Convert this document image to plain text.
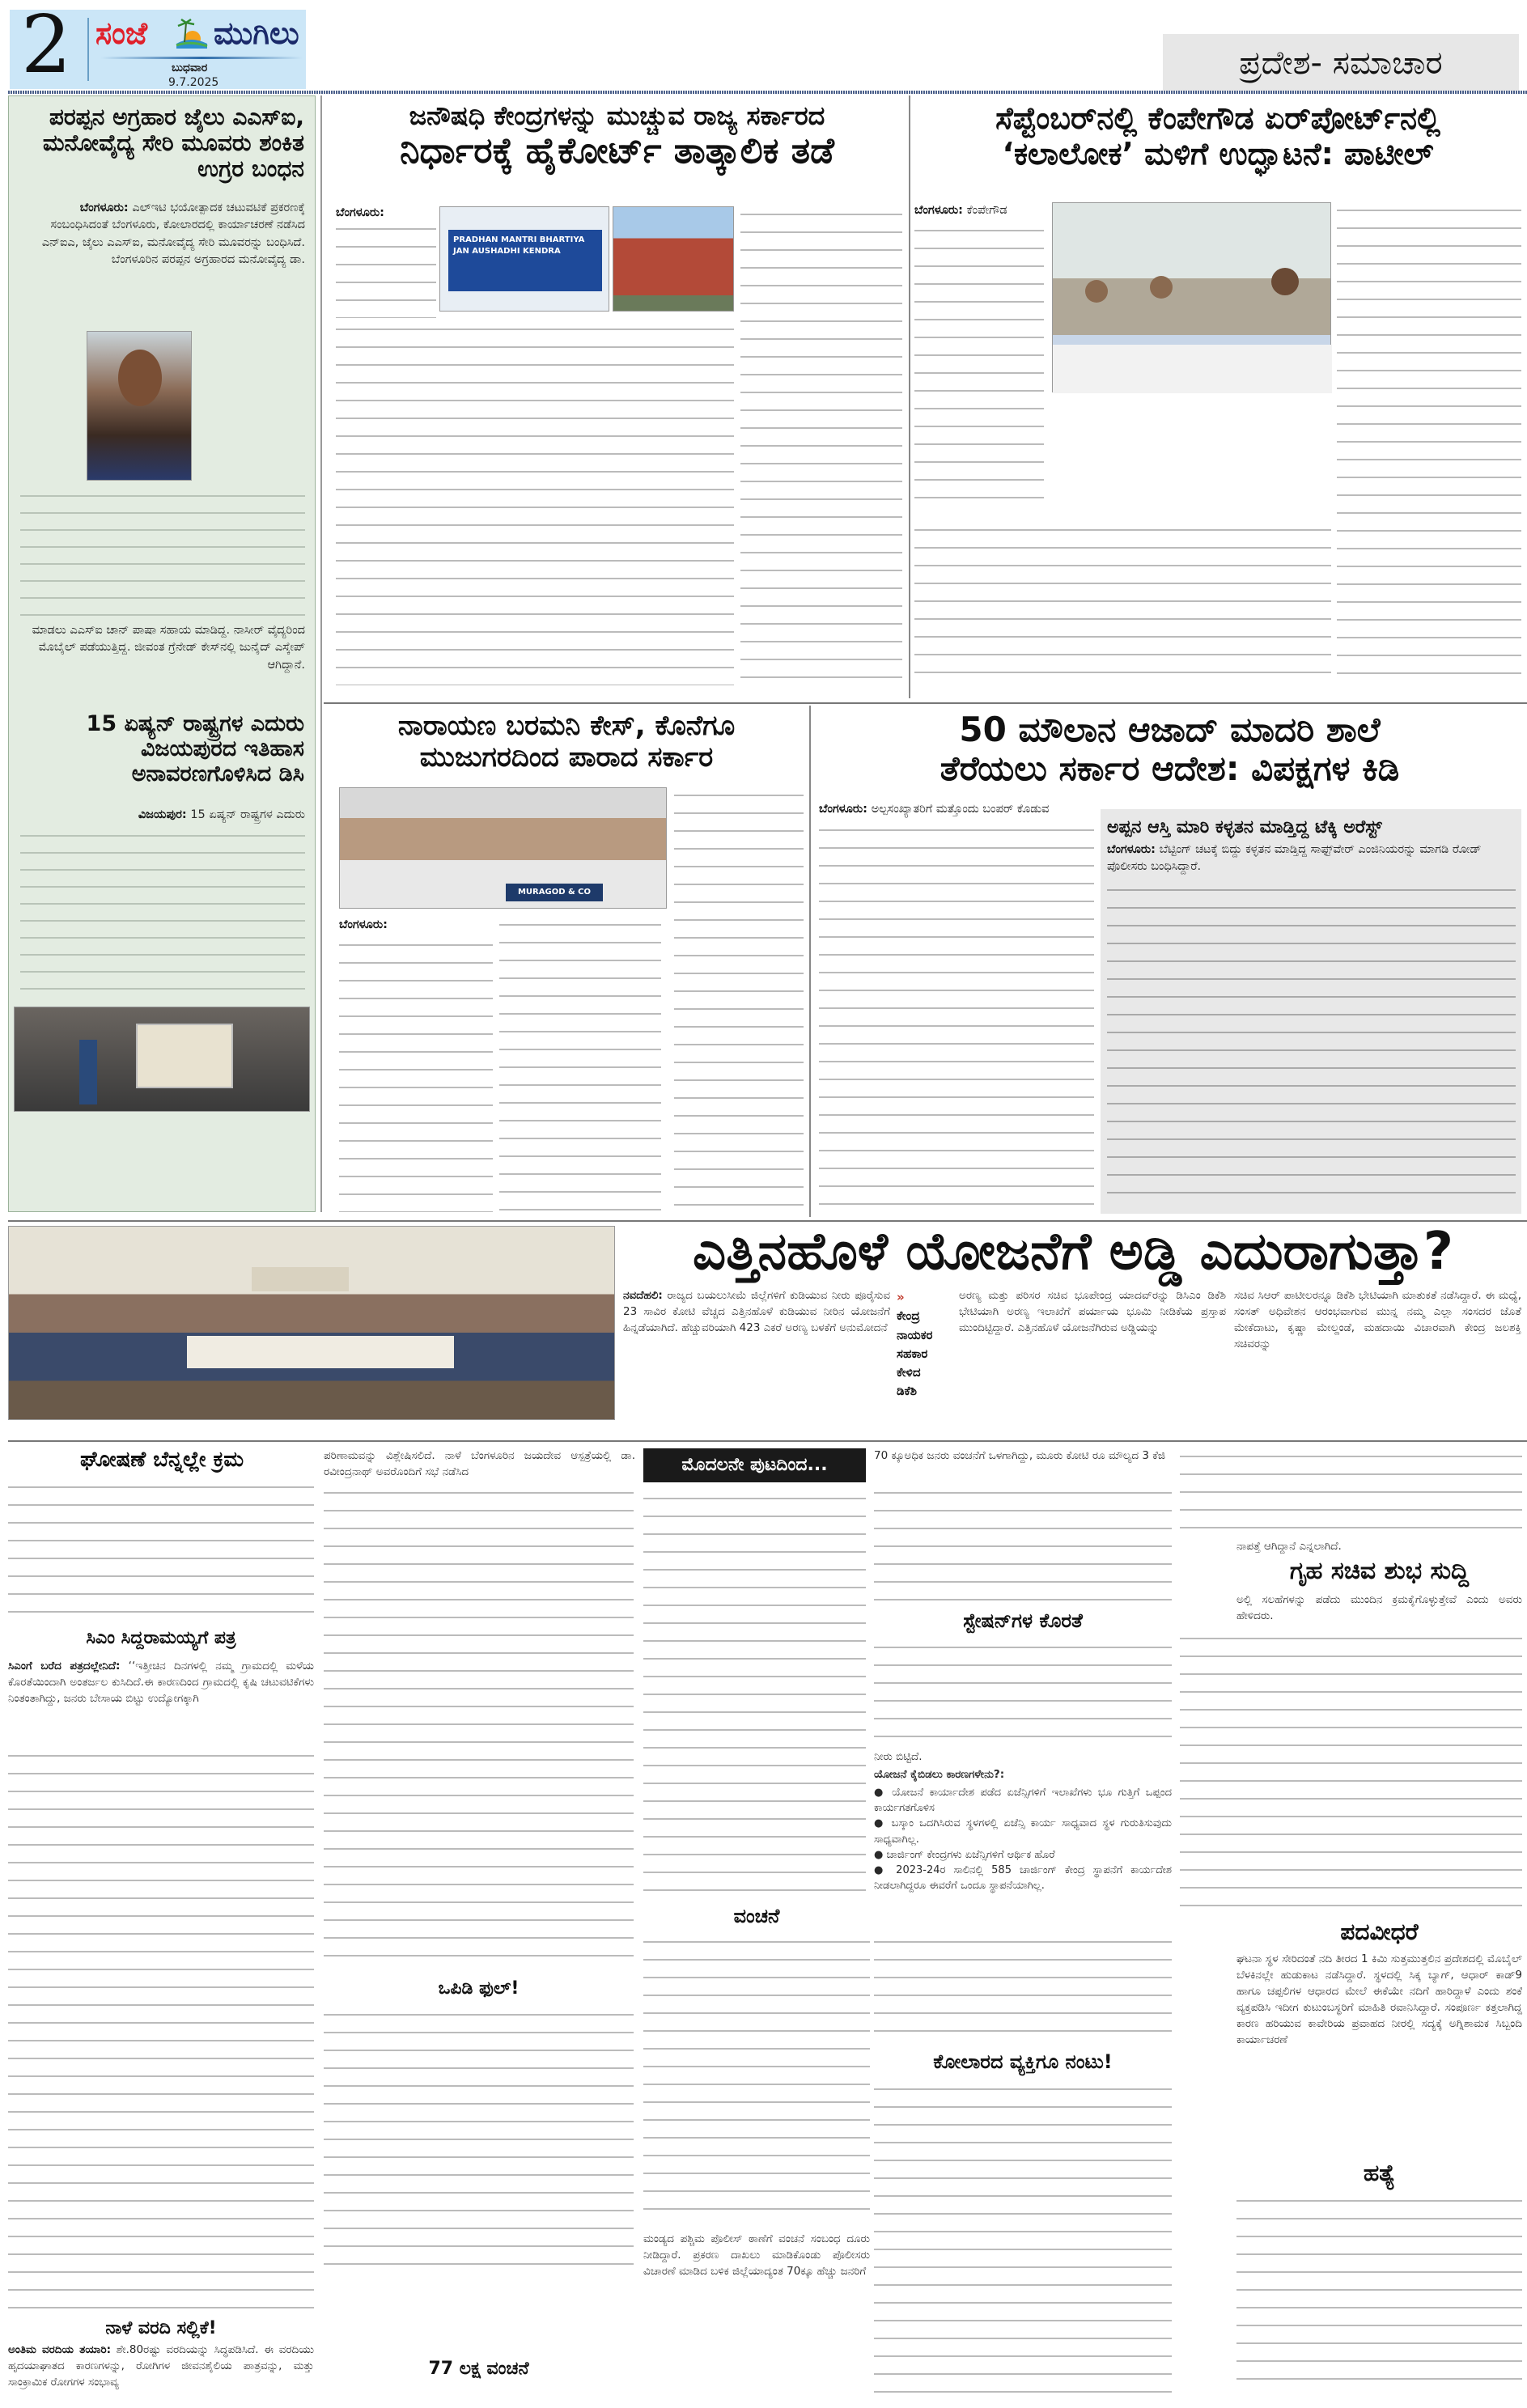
2 ಸಂಜೆ ಮುಗಿಲು
ಬುಧವಾರ
9.7.2025
ಪ್ರದೇಶ- ಸಮಾಚಾರ
ಪರಪ್ಪನ ಅಗ್ರಹಾರ ಜೈಲು ಎಎಸ್‌ಐ, ಮನೋವೈದ್ಯ ಸೇರಿ ಮೂವರು ಶಂಕಿತ ಉಗ್ರರ ಬಂಧನ
ಬೆಂಗಳೂರು: ಎಲ್‌ಇಟಿ ಭಯೋತ್ಪಾದಕ ಚಟುವಟಿಕೆ ಪ್ರಕರಣಕ್ಕೆ ಸಂಬಂಧಿಸಿದಂತೆ ಬೆಂಗಳೂರು, ಕೋಲಾರದಲ್ಲಿ ಕಾರ್ಯಾಚರಣೆ ನಡೆಸಿದ ಎನ್‌ಐಎ, ಜೈಲು ಎಎಸ್‌ಐ, ಮನೋವೈದ್ಯ ಸೇರಿ ಮೂವರನ್ನು ಬಂಧಿಸಿದೆ. ಬೆಂಗಳೂರಿನ ಪರಪ್ಪನ ಅಗ್ರಹಾರದ ಮನೋವೈದ್ಯ ಡಾ.
ಮಾಡಲು ಎಎಸ್‌ಐ ಚಾನ್ ಪಾಷಾ ಸಹಾಯ ಮಾಡಿದ್ದ. ನಾಸೀರ್ ವೈದ್ಯರಿಂದ ಮೊಬೈಲ್ ಪಡೆಯುತ್ತಿದ್ದ. ಜೀವಂತ ಗ್ರೆನೇಡ್ ಕೇಸ್‌ನಲ್ಲಿ ಜುನೈದ್ ಎಸ್ಕೇಪ್ ಆಗಿದ್ದಾನೆ.
15 ಏಷ್ಯನ್ ರಾಷ್ಟ್ರಗಳ ಎದುರು ವಿಜಯಪುರದ ಇತಿಹಾಸ ಅನಾವರಣಗೊಳಿಸಿದ ಡಿಸಿ
ವಿಜಯಪುರ: 15 ಏಷ್ಯನ್ ರಾಷ್ಟ್ರಗಳ ಎದುರು
ಜನೌಷಧಿ ಕೇಂದ್ರಗಳನ್ನು ಮುಚ್ಚುವ ರಾಜ್ಯ ಸರ್ಕಾರದ
ನಿರ್ಧಾರಕ್ಕೆ ಹೈಕೋರ್ಟ್ ತಾತ್ಕಾಲಿಕ ತಡೆ
ಬೆಂಗಳೂರು:
PRADHAN MANTRI BHARTIYA JAN AUSHADHI KENDRA
ಸೆಪ್ಟೆಂಬರ್‌ನಲ್ಲಿ ಕೆಂಪೇಗೌಡ ಏರ್‌ಪೋರ್ಟ್‌ನಲ್ಲಿ
‘ಕಲಾಲೋಕ’ ಮಳಿಗೆ ಉದ್ಘಾಟನೆ: ಪಾಟೀಲ್
ಬೆಂಗಳೂರು: ಕೆಂಪೇಗೌಡ
ನಾರಾಯಣ ಬರಮನಿ ಕೇಸ್, ಕೊನೆಗೂ
ಮುಜುಗರದಿಂದ ಪಾರಾದ ಸರ್ಕಾರ
MURAGOD & CO
ಬೆಂಗಳೂರು:
50 ಮೌಲಾನ ಆಜಾದ್ ಮಾದರಿ ಶಾಲೆ
ತೆರೆಯಲು ಸರ್ಕಾರ ಆದೇಶ: ವಿಪಕ್ಷಗಳ ಕಿಡಿ
ಬೆಂಗಳೂರು: ಅಲ್ಪಸಂಖ್ಯಾತರಿಗೆ ಮತ್ತೊಂದು ಬಂಪರ್ ಕೊಡುವ
ಅಪ್ಪನ ಆಸ್ತಿ ಮಾರಿ ಕಳ್ಳತನ ಮಾಡ್ತಿದ್ದ ಟೆಕ್ಕಿ ಅರೆಸ್ಟ್
ಬೆಂಗಳೂರು: ಬೆಟ್ಟಿಂಗ್ ಚಟಕ್ಕೆ ಬಿದ್ದು ಕಳ್ಳತನ ಮಾಡ್ತಿದ್ದ ಸಾಫ್ಟ್‌ವೇರ್ ಎಂಜಿನಿಯರನ್ನು ಮಾಗಡಿ ರೋಡ್ ಪೊಲೀಸರು ಬಂಧಿಸಿದ್ದಾರೆ.
ಎತ್ತಿನಹೊಳೆ ಯೋಜನೆಗೆ ಅಡ್ಡಿ ಎದುರಾಗುತ್ತಾ?
ನವದೆಹಲಿ: ರಾಜ್ಯದ ಬಯಲುಸೀಮೆ ಜಿಲ್ಲೆಗಳಿಗೆ ಕುಡಿಯುವ ನೀರು ಪೂರೈಸುವ 23 ಸಾವಿರ ಕೋಟಿ ವೆಚ್ಚದ ಎತ್ತಿನಹೊಳೆ ಕುಡಿಯುವ ನೀರಿನ ಯೋಜನೆಗೆ ಹಿನ್ನಡೆಯಾಗಿದೆ. ಹೆಚ್ಚುವರಿಯಾಗಿ 423 ಎಕರೆ ಅರಣ್ಯ ಬಳಕೆಗೆ ಅನುಮೋದನೆ
»
ಕೇಂದ್ರ
ನಾಯಕರ
ಸಹಕಾರ
ಕೇಳಿದ
ಡಿಕೆಶಿ
ಅರಣ್ಯ ಮತ್ತು ಪರಿಸರ ಸಚಿವ ಭೂಪೇಂದ್ರ ಯಾದವ್‌ರನ್ನು ಡಿಸಿಎಂ ಡಿಕೆಶಿ ಭೇಟಿಯಾಗಿ ಅರಣ್ಯ ಇಲಾಖೆಗೆ ಪರ್ಯಾಯ ಭೂಮಿ ನೀಡಿಕೆಯ ಪ್ರಸ್ತಾಪ ಮುಂದಿಟ್ಟಿದ್ದಾರೆ. ಎತ್ತಿನಹೊಳೆ ಯೋಜನೆಗಿರುವ ಅಡ್ಡಿಯನ್ನು
ಸಚಿವ ಸಿಆರ್ ಪಾಟೀಲರನ್ನೂ ಡಿಕೆಶಿ ಭೇಟಿಯಾಗಿ ಮಾತುಕತೆ ನಡೆಸಿದ್ದಾರೆ. ಈ ಮಧ್ಯೆ, ಸಂಸತ್ ಅಧಿವೇಶನ ಆರಂಭವಾಗುವ ಮುನ್ನ ನಮ್ಮ ಎಲ್ಲಾ ಸಂಸದರ ಜೊತೆ ಮೇಕೆದಾಟು, ಕೃಷ್ಣಾ ಮೇಲ್ದಂಡೆ, ಮಹದಾಯಿ ವಿಚಾರವಾಗಿ ಕೇಂದ್ರ ಜಲಶಕ್ತಿ ಸಚಿವರನ್ನು
ಘೋಷಣೆ ಬೆನ್ನಲ್ಲೇ ಕ್ರಮ
ಸಿಎಂ ಸಿದ್ದರಾಮಯ್ಯಗೆ ಪತ್ರ
ಸಿಎಂಗೆ ಬರೆದ ಪತ್ರದಲ್ಲೇನಿದೆ: ‘‘ಇತ್ತೀಚಿನ ದಿನಗಳಲ್ಲಿ ನಮ್ಮ ಗ್ರಾಮದಲ್ಲಿ ಮಳೆಯ ಕೊರತೆಯಿಂದಾಗಿ ಅಂತರ್ಜಲ ಕುಸಿದಿದೆ.ಈ ಕಾರಣದಿಂದ ಗ್ರಾಮದಲ್ಲಿ ಕೃಷಿ ಚಟುವಟಿಕೆಗಳು ನಿಂತಂತಾಗಿದ್ದು, ಜನರು ಬೇಸಾಯ ಬಿಟ್ಟು ಉದ್ಯೋಗಕ್ಕಾಗಿ
ನಾಳೆ ವರದಿ ಸಲ್ಲಿಕೆ!
ಅಂತಿಮ ವರದಿಯ ತಯಾರಿ: ಶೇ.80ರಷ್ಟು ವರದಿಯನ್ನು ಸಿದ್ಧಪಡಿಸಿದೆ. ಈ ವರದಿಯು ಹೃದಯಾಘಾತದ ಕಾರಣಗಳನ್ನು, ರೋಗಿಗಳ ಜೀವನಶೈಲಿಯ ಪಾತ್ರವನ್ನು, ಮತ್ತು ಸಾಂಕ್ರಾಮಿಕ ರೋಗಗಳ ಸಂಭಾವ್ಯ
ಪರಿಣಾಮವನ್ನು ವಿಶ್ಲೇಷಿಸಲಿದೆ. ನಾಳೆ ಬೆಂಗಳೂರಿನ ಜಯದೇವ ಆಸ್ಪತ್ರೆಯಲ್ಲಿ ಡಾ. ರವೀಂದ್ರನಾಥ್ ಅವರೊಂದಿಗೆ ಸಭೆ ನಡೆಸಿದ
ಒಪಿಡಿ ಫುಲ್!
77 ಲಕ್ಷ ವಂಚನೆ
ಮೊದಲನೇ ಪುಟದಿಂದ...
ವಂಚನೆ
ಮಂಡ್ಯದ ಪಶ್ಚಿಮ ಪೊಲೀಸ್ ಠಾಣೆಗೆ ವಂಚನೆ ಸಂಬಂಧ ದೂರು ನೀಡಿದ್ದಾರೆ. ಪ್ರಕರಣ ದಾಖಲು ಮಾಡಿಕೊಂಡು ಪೊಲೀಸರು ವಿಚಾರಣೆ ಮಾಡಿದ ಬಳಿಕ ಜಿಲ್ಲೆಯಾದ್ಯಂತ 70ಕ್ಕೂ ಹೆಚ್ಚು ಜನರಿಗೆ
70 ಕ್ಕೂಅಧಿಕ ಜನರು ವಂಚನೆಗೆ ಒಳಗಾಗಿದ್ದು, ಮೂರು ಕೋಟಿ ರೂ ಮೌಲ್ಯದ 3 ಕೆಜಿ
ಸ್ಟೇಷನ್‌ಗಳ ಕೊರತೆ
ನೀರು ಬಿಟ್ಟಿದೆ.
ಯೋಜನೆ ಕೈಬಿಡಲು ಕಾರಣಗಳೇನು?:
● ಯೋಜನೆ ಕಾರ್ಯಾದೇಶ ಪಡೆದ ಏಜೆನ್ಸಿಗಳಿಗೆ ಇಲಾಖೆಗಳು ಭೂ ಗುತ್ತಿಗೆ ಒಪ್ಪಂದ ಕಾರ್ಯಗತಗೊಳಿಸ
● ಬಸ್ಕಾಂ ಒದಗಿಸಿರುವ ಸ್ಥಳಗಳಲ್ಲಿ ಏಜೆನ್ಸಿ ಕಾರ್ಯ ಸಾಧ್ಯವಾದ ಸ್ಥಳ ಗುರುತಿಸುವುದು ಸಾಧ್ಯವಾಗಿಲ್ಲ.
● ಚಾರ್ಜಿಂಗ್ ಕೇಂದ್ರಗಳು ಏಜೆನ್ಸಿಗಳಿಗೆ ಆರ್ಥಿಕ ಹೊರೆ
● 2023-24ರ ಸಾಲಿನಲ್ಲಿ 585 ಚಾರ್ಜಿಂಗ್ ಕೇಂದ್ರ ಸ್ಥಾಪನೆಗೆ ಕಾರ್ಯದೇಶ ನೀಡಲಾಗಿದ್ದರೂ ಈವರೆಗೆ ಒಂದೂ ಸ್ಥಾಪನೆಯಾಗಿಲ್ಲ.
ಕೋಲಾರದ ವ್ಯಕ್ತಿಗೂ ನಂಟು!
ನಾಪತ್ತೆ ಆಗಿದ್ದಾನೆ ಎನ್ನಲಾಗಿದೆ.
ಗೃಹ ಸಚಿವ ಶುಭ ಸುದ್ದಿ
ಅಲ್ಲಿ ಸಲಹೆಗಳನ್ನು ಪಡೆದು ಮುಂದಿನ ಕ್ರಮಕೈಗೊಳ್ಳುತ್ತೇವೆ ಎಂದು ಅವರು ಹೇಳಿದರು.
ಪದವೀಧರೆ
ಘಟನಾ ಸ್ಥಳ ಸೇರಿದಂತೆ ನದಿ ತೀರದ 1 ಕಿಮಿ ಸುತ್ತಮುತ್ತಲಿನ ಪ್ರದೇಶದಲ್ಲಿ ಮೊಬೈಲ್ ಬೆಳಕಿನಲ್ಲೇ ಹುಡುಕಾಟ ನಡೆಸಿದ್ದಾರೆ. ಸ್ಥಳದಲ್ಲಿ ಸಿಕ್ಕ ಬ್ಯಾಗ್, ಆಧಾರ್ ಕಾಡ್9 ಹಾಗೂ ಚಪ್ಪಲಿಗಳ ಆಧಾರದ ಮೇಲೆ ಈಕೆಯೇ ನದಿಗೆ ಹಾರಿದ್ದಾಳೆ ಎಂದು ಶಂಕೆ ವ್ಯಕ್ತಪಡಿಸಿ ಇದೀಗ ಕುಟುಂಬಸ್ಥರಿಗೆ ಮಾಹಿತಿ ರವಾನಿಸಿದ್ದಾರೆ. ಸಂಪೂರ್ಣ ಕತ್ತಲಾಗಿದ್ದ ಕಾರಣ ಹರಿಯುವ ಕಾವೇರಿಯ ಪ್ರವಾಹದ ನೀರಲ್ಲಿ ಸದ್ಯಕ್ಕೆ ಅಗ್ನಿಶಾಮಕ ಸಿಬ್ಬಂದಿ ಕಾರ್ಯಾಚರಣೆ
ಹತ್ಯೆ
